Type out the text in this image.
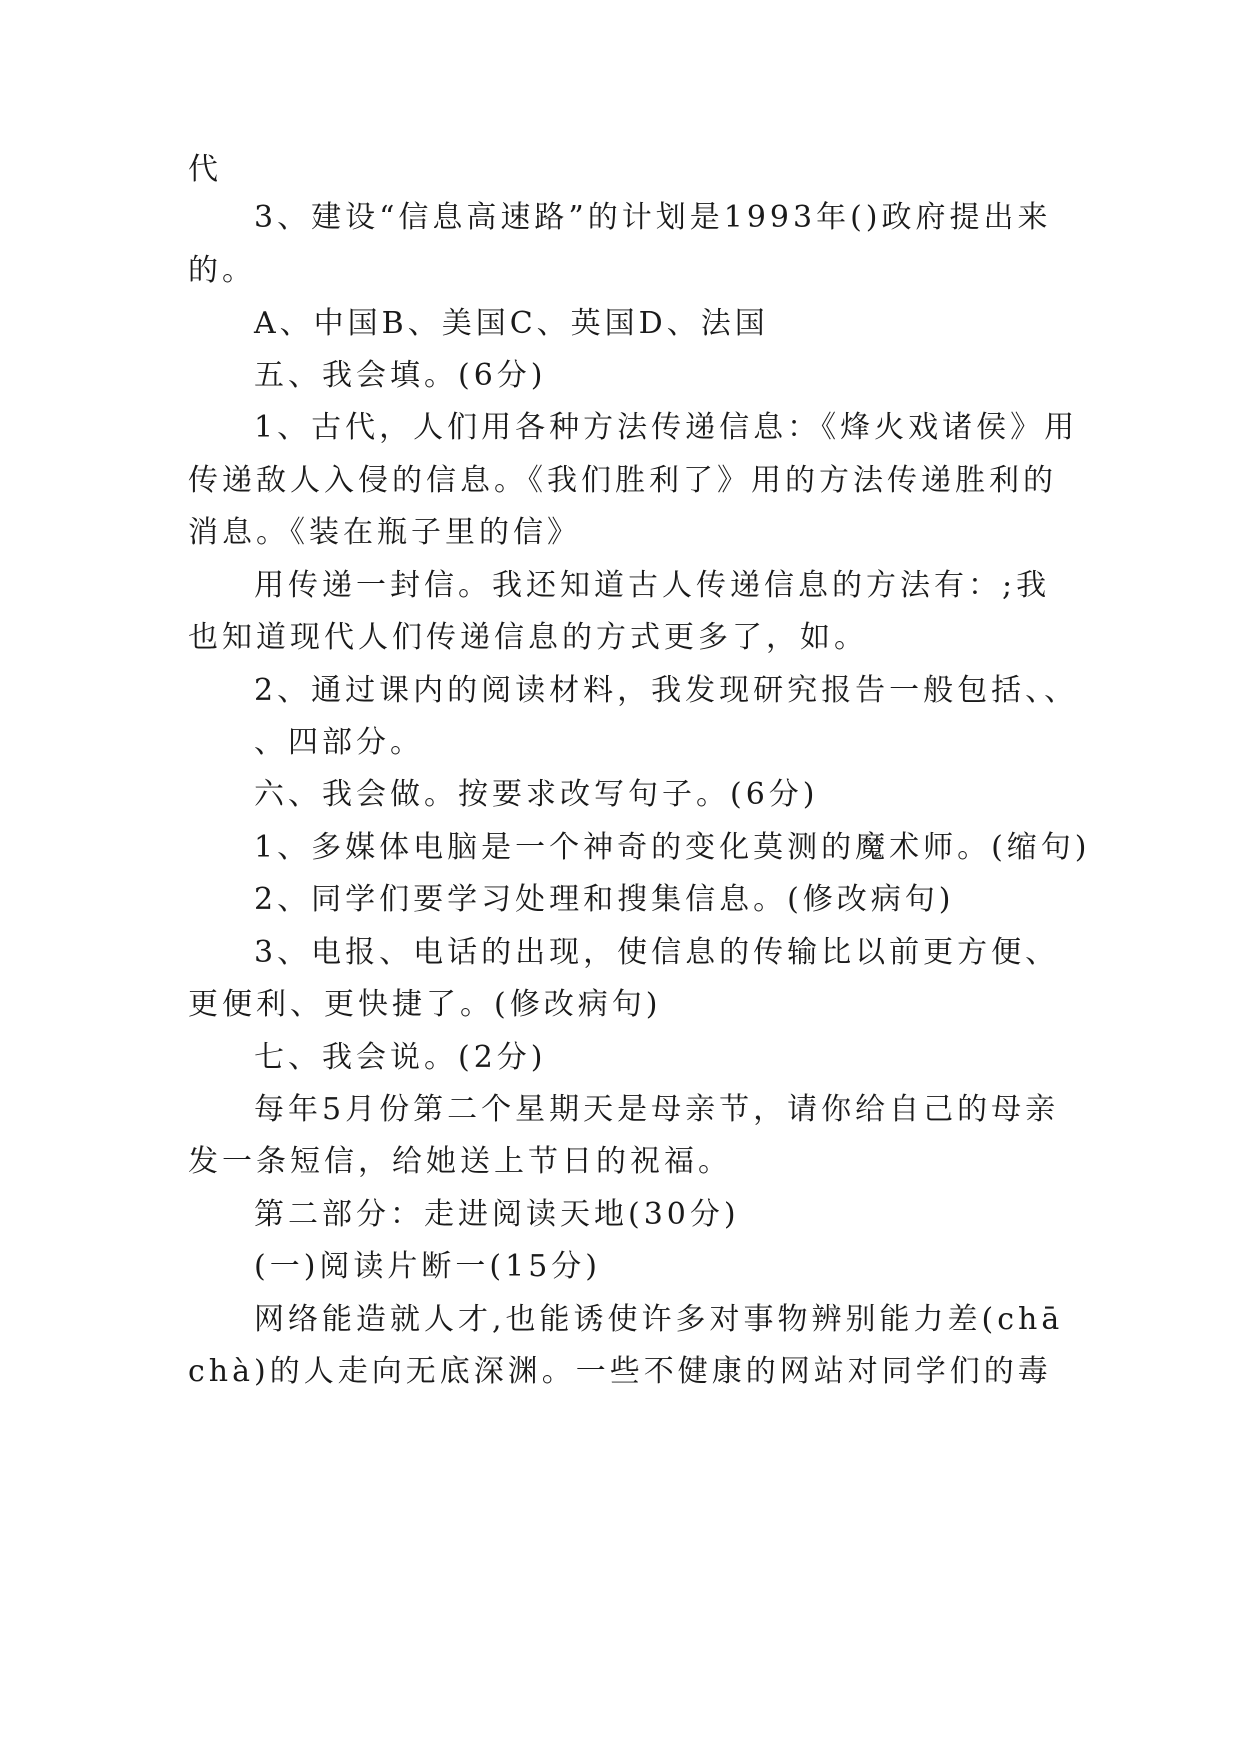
代
3、建设“信息高速路”的计划是1993年()政府提出来
的。
A、中国B、美国C、英国D、法国
五、我会填。(6分)
1、古代，人们用各种方法传递信息：《烽火戏诸侯》用
传递敌人入侵的信息。《我们胜利了》用的方法传递胜利的
消息。《装在瓶子里的信》
用传递一封信。我还知道古人传递信息的方法有：;我
也知道现代人们传递信息的方式更多了，如。
2、通过课内的阅读材料，我发现研究报告一般包括、、
、四部分。
六、我会做。按要求改写句子。(6分)
1、多媒体电脑是一个神奇的变化莫测的魔术师。(缩句)
2、同学们要学习处理和搜集信息。(修改病句)
3、电报、电话的出现，使信息的传输比以前更方便、
更便利、更快捷了。(修改病句)
七、我会说。(2分)
每年5月份第二个星期天是母亲节，请你给自己的母亲
发一条短信，给她送上节日的祝福。
第二部分：走进阅读天地(30分)
(一)阅读片断一(15分)
网络能造就人才,也能诱使许多对事物辨别能力差(chā
chà)的人走向无底深渊。一些不健康的网站对同学们的毒
